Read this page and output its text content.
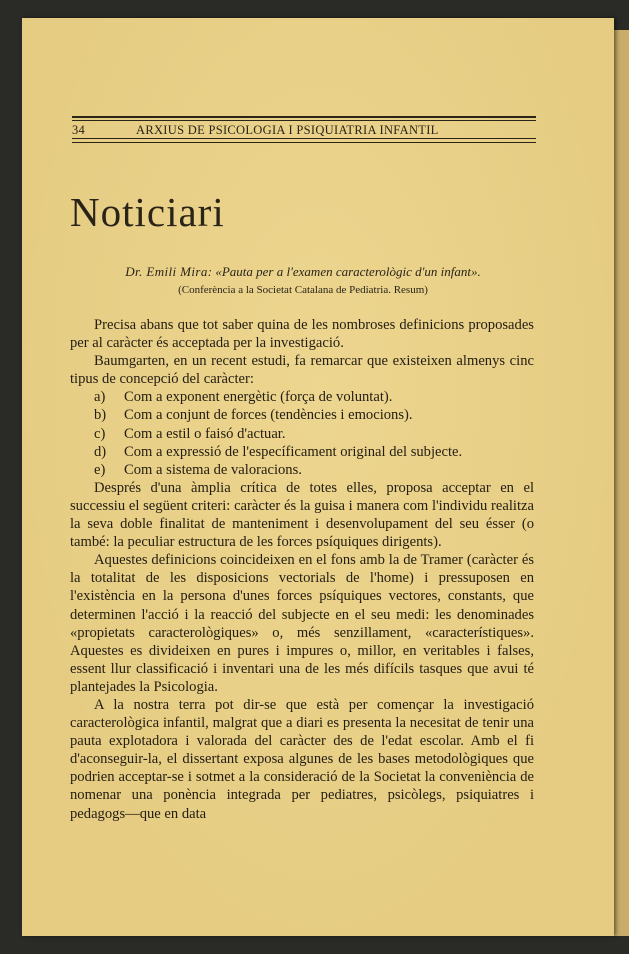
34	ARXIUS DE PSICOLOGIA I PSIQUIATRIA INFANTIL
Noticiari
Dr. Emili Mira: «Pauta per a l'examen caracterològic d'un infant».
(Conferència a la Societat Catalana de Pediatria. Resum)

Precisa abans que tot saber quina de les nombroses definicions proposades per al caràcter és acceptada per la investigació.

Baumgarten, en un recent estudi, fa remarcar que existeixen almenys cinc tipus de concepció del caràcter:

a) Com a exponent energètic (força de voluntat).

b) Com a conjunt de forces (tendències i emocions).

c) Com a estil o faisó d'actuar.

d) Com a expressió de l'específicament original del subjecte.

e) Com a sistema de valoracions.

Després d'una àmplia crítica de totes elles, proposa acceptar en el successiu el següent criteri: caràcter és la guisa i manera com l'individu realitza la seva doble finalitat de manteniment i desenvolupament del seu ésser (o també: la peculiar estructura de les forces psíquiques dirigents).

Aquestes definicions coincideixen en el fons amb la de Tramer (caràcter és la totalitat de les disposicions vectorials de l'home) i pressuposen en l'existència en la persona d'unes forces psíquiques vectores, constants, que determinen l'acció i la reacció del subjecte en el seu medi: les denominades «propietats caracterològiques» o, més senzillament, «característiques». Aquestes es divideixen en pures i impures o, millor, en veritables i falses, essent llur classificació i inventari una de les més difícils tasques que avui té plantejades la Psicologia.

A la nostra terra pot dir-se que està per començar la investigació caracterològica infantil, malgrat que a diari es presenta la necesitat de tenir una pauta explotadora i valorada del caràcter des de l'edat escolar. Amb el fi d'aconseguir-la, el dissertant exposa algunes de les bases metodològiques que podrien acceptar-se i sotmet a la consideració de la Societat la conveniència de nomenar una ponència integrada per pediatres, psicòlegs, psiquiatres i pedagogs—que en data
